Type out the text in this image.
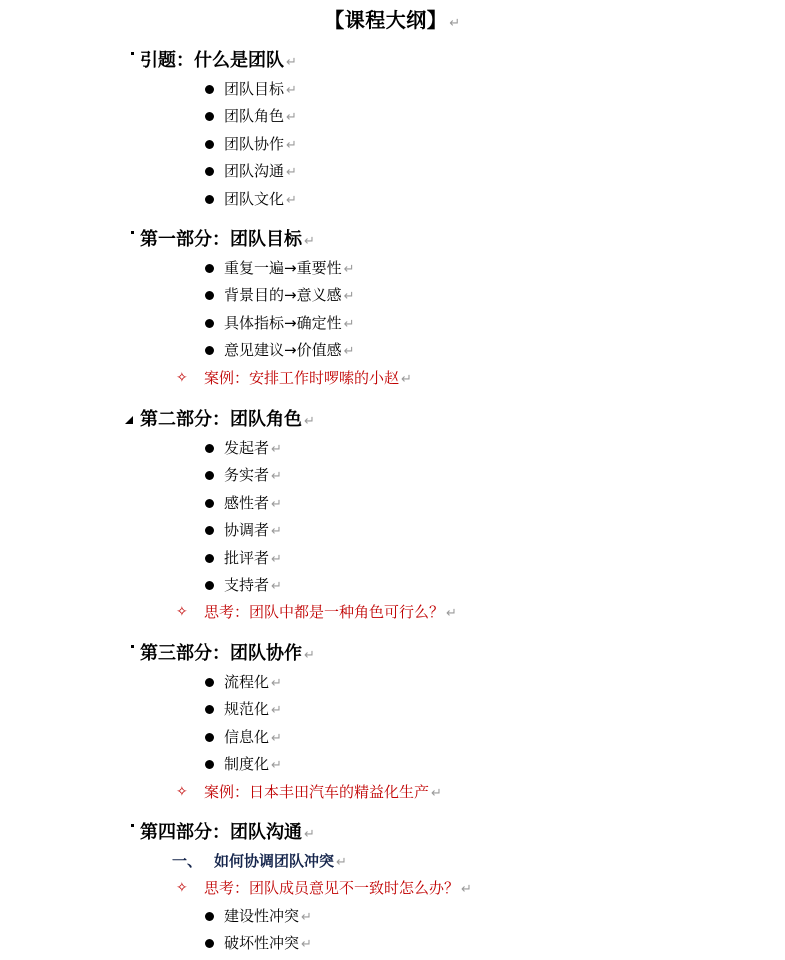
【课程大纲】 ↵
引题：什么是团队 ↵
团队目标 ↵
团队角色 ↵
团队协作 ↵
团队沟通 ↵
团队文化 ↵
第一部分：团队目标 ↵
重复一遍→重要性 ↵
背景目的→意义感 ↵
具体指标→确定性 ↵
意见建议→价值感 ↵
✧ 案例：安排工作时啰嗦的小赵 ↵
第二部分：团队角色 ↵
发起者 ↵
务实者 ↵
感性者 ↵
协调者 ↵
批评者 ↵
支持者 ↵
✧ 思考：团队中都是一种角色可行么？ ↵
第三部分：团队协作 ↵
流程化 ↵
规范化 ↵
信息化 ↵
制度化 ↵
✧ 案例：日本丰田汽车的精益化生产 ↵
第四部分：团队沟通 ↵
一、 如何协调团队冲突 ↵
✧ 思考：团队成员意见不一致时怎么办？ ↵
建设性冲突 ↵
破坏性冲突 ↵
